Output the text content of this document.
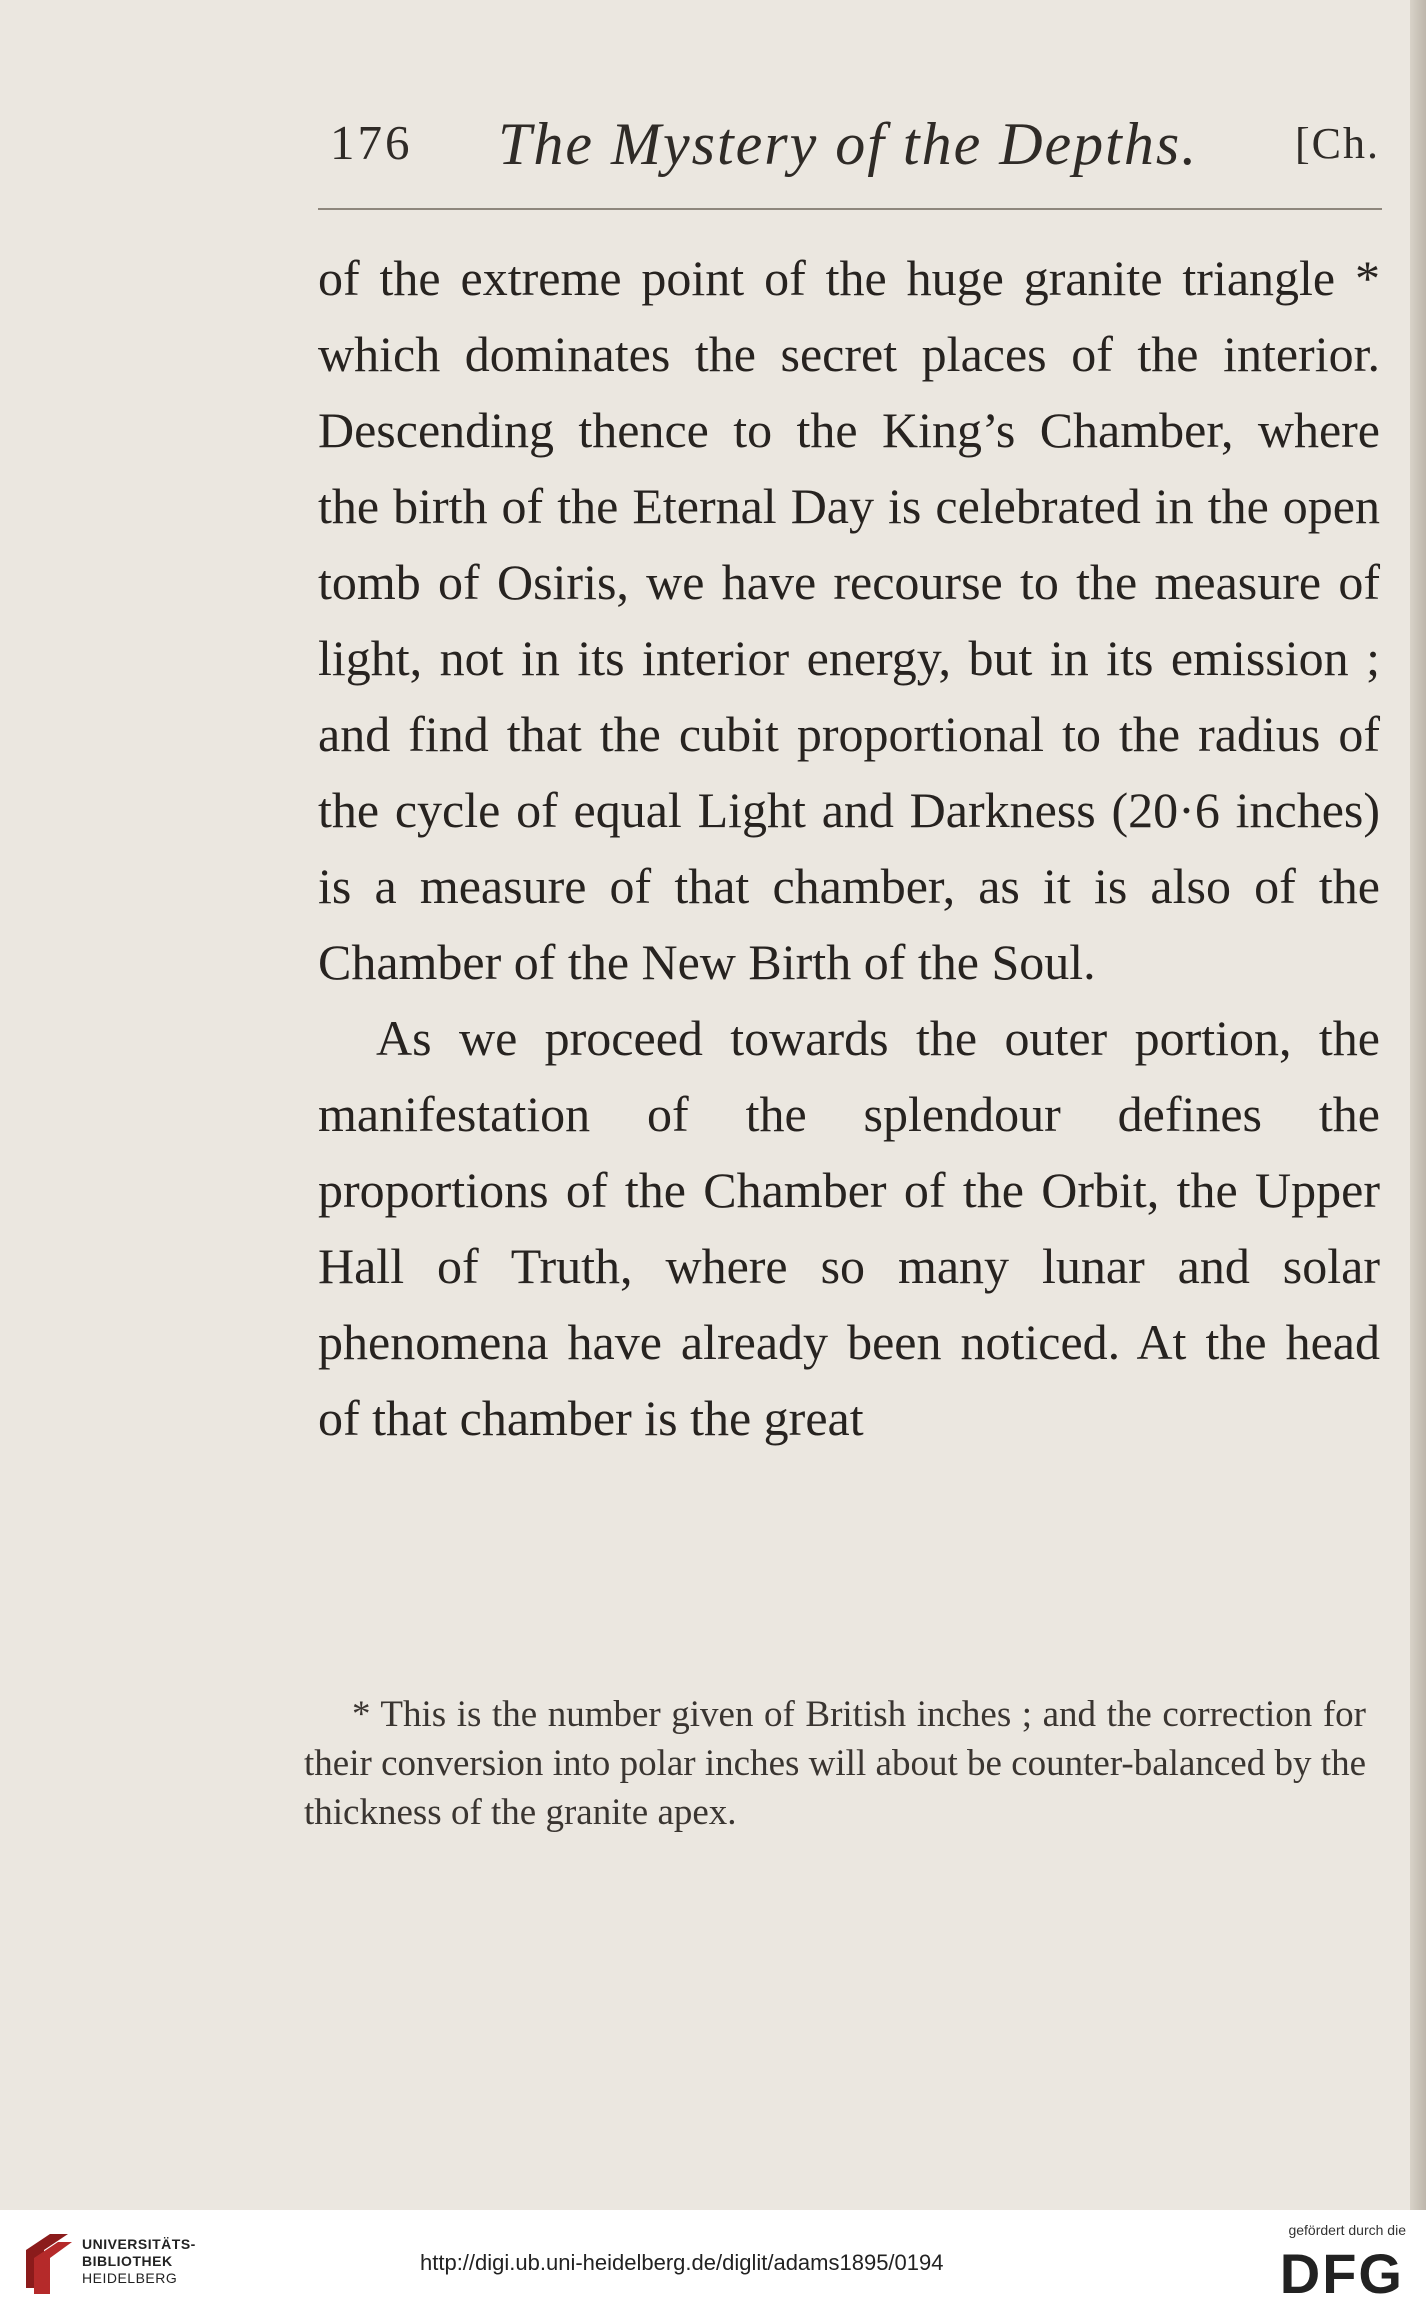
176 The Mystery of the Depths. [Ch.

of the extreme point of the huge granite triangle * which dominates the secret places of the interior. Descending thence to the King’s Chamber, where the birth of the Eternal Day is celebrated in the open tomb of Osiris, we have recourse to the measure of light, not in its interior energy, but in its emission ; and find that the cubit proportional to the radius of the cycle of equal Light and Darkness (20·6 inches) is a measure of that chamber, as it is also of the Chamber of the New Birth of the Soul.

As we proceed towards the outer portion, the manifestation of the splendour defines the proportions of the Chamber of the Orbit, the Upper Hall of Truth, where so many lunar and solar phenomena have already been noticed. At the head of that chamber is the great

* This is the number given of British inches ; and the correction for their conversion into polar inches will about be counter-balanced by the thickness of the granite apex.
UNIVERSITÄTS-
BIBLIOTHEK
HEIDELBERG
http://digi.ub.uni-heidelberg.de/diglit/adams1895/0194
gefördert durch die
DFG
